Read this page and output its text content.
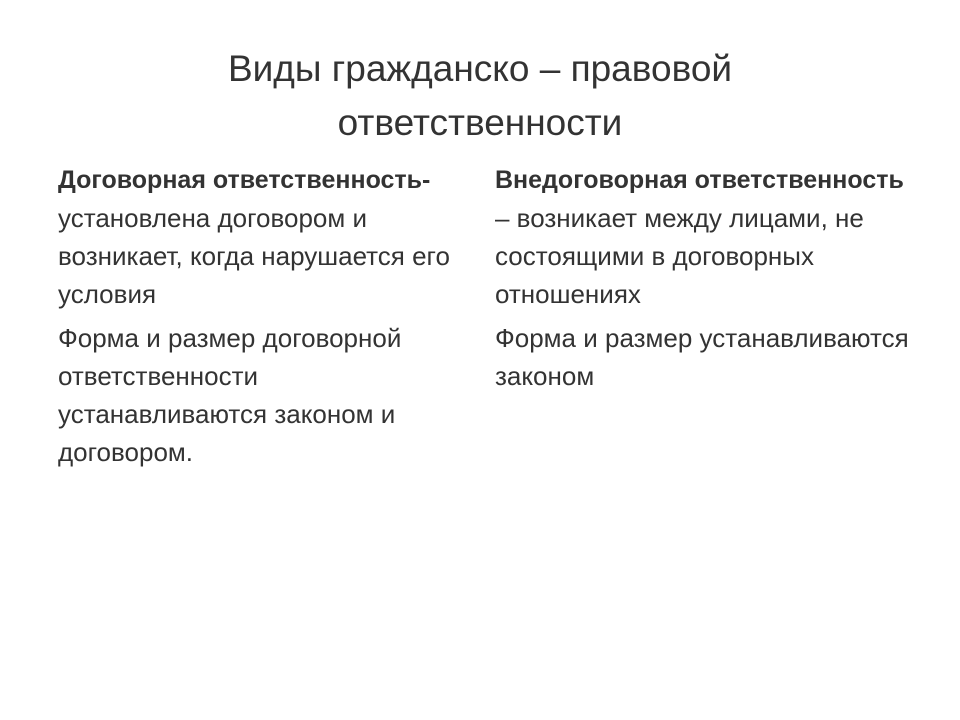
Виды гражданско – правовой
ответственности

Договорная ответственность-
установлена договором и возникает, когда нарушается его условия

Форма и размер договорной ответственности устанавливаются законом и договором.

Внедоговорная ответственность – возникает между лицами, не состоящими в договорных отношениях

Форма и размер устанавливаются законом
